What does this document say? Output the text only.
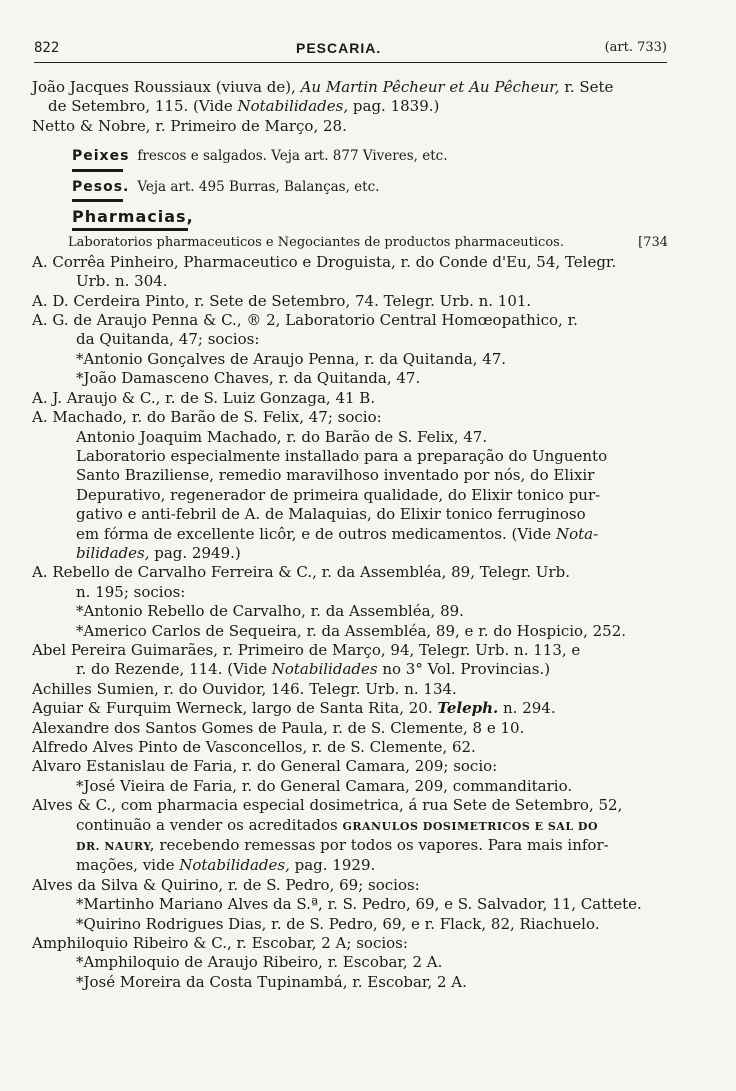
822	PESCARIA.	(art. 733)
João Jacques Roussiaux (viuva de), Au Martin Pêcheur et Au Pêcheur, r. Sete
de Setembro, 115. (Vide Notabilidades, pag. 1839.)
Netto & Nobre, r. Primeiro de Março, 28.
Peixes frescos e salgados. Veja art. 877 Viveres, etc.
Pesos. Veja art. 495 Burras, Balanças, etc.
Pharmacias,
Laboratorios pharmaceuticos e Negociantes de productos pharmaceuticos.	[734
A. Corrêa Pinheiro, Pharmaceutico e Droguista, r. do Conde d'Eu, 54, Telegr.
Urb. n. 304.
A. D. Cerdeira Pinto, r. Sete de Setembro, 74. Telegr. Urb. n. 101.
A. G. de Araujo Penna & C., ® 2, Laboratorio Central Homœopathico, r.
da Quitanda, 47; socios:
*Antonio Gonçalves de Araujo Penna, r. da Quitanda, 47.
*João Damasceno Chaves, r. da Quitanda, 47.
A. J. Araujo & C., r. de S. Luiz Gonzaga, 41 B.
A. Machado, r. do Barão de S. Felix, 47; socio:
Antonio Joaquim Machado, r. do Barão de S. Felix, 47.
Laboratorio especialmente installado para a preparação do Unguento
Santo Braziliense, remedio maravilhoso inventado por nós, do Elixir
Depurativo, regenerador de primeira qualidade, do Elixir tonico pur-
gativo e anti-febril de A. de Malaquias, do Elixir tonico ferruginoso
em fórma de excellente licôr, e de outros medicamentos. (Vide Nota-
bilidades, pag. 2949.)
A. Rebello de Carvalho Ferreira & C., r. da Assembléa, 89, Telegr. Urb.
n. 195; socios:
*Antonio Rebello de Carvalho, r. da Assembléa, 89.
*Americo Carlos de Sequeira, r. da Assembléa, 89, e r. do Hospicio, 252.
Abel Pereira Guimarães, r. Primeiro de Março, 94, Telegr. Urb. n. 113, e
r. do Rezende, 114. (Vide Notabilidades no 3° Vol. Provincias.)
Achilles Sumien, r. do Ouvidor, 146. Telegr. Urb. n. 134.
Aguiar & Furquim Werneck, largo de Santa Rita, 20. Teleph. n. 294.
Alexandre dos Santos Gomes de Paula, r. de S. Clemente, 8 e 10.
Alfredo Alves Pinto de Vasconcellos, r. de S. Clemente, 62.
Alvaro Estanislau de Faria, r. do General Camara, 209; socio:
*José Vieira de Faria, r. do General Camara, 209, commanditario.
Alves & C., com pharmacia especial dosimetrica, á rua Sete de Setembro, 52,
continuão a vender os acreditados GRANULOS DOSIMETRICOS E SAL DO
DR. NAURY, recebendo remessas por todos os vapores. Para mais infor-
mações, vide Notabilidades, pag. 1929.
Alves da Silva & Quirino, r. de S. Pedro, 69; socios:
*Martinho Mariano Alves da S.ª, r. S. Pedro, 69, e S. Salvador, 11, Cattete.
*Quirino Rodrigues Dias, r. de S. Pedro, 69, e r. Flack, 82, Riachuelo.
Amphiloquio Ribeiro & C., r. Escobar, 2 A; socios:
*Amphiloquio de Araujo Ribeiro, r. Escobar, 2 A.
*José Moreira da Costa Tupinambá, r. Escobar, 2 A.
